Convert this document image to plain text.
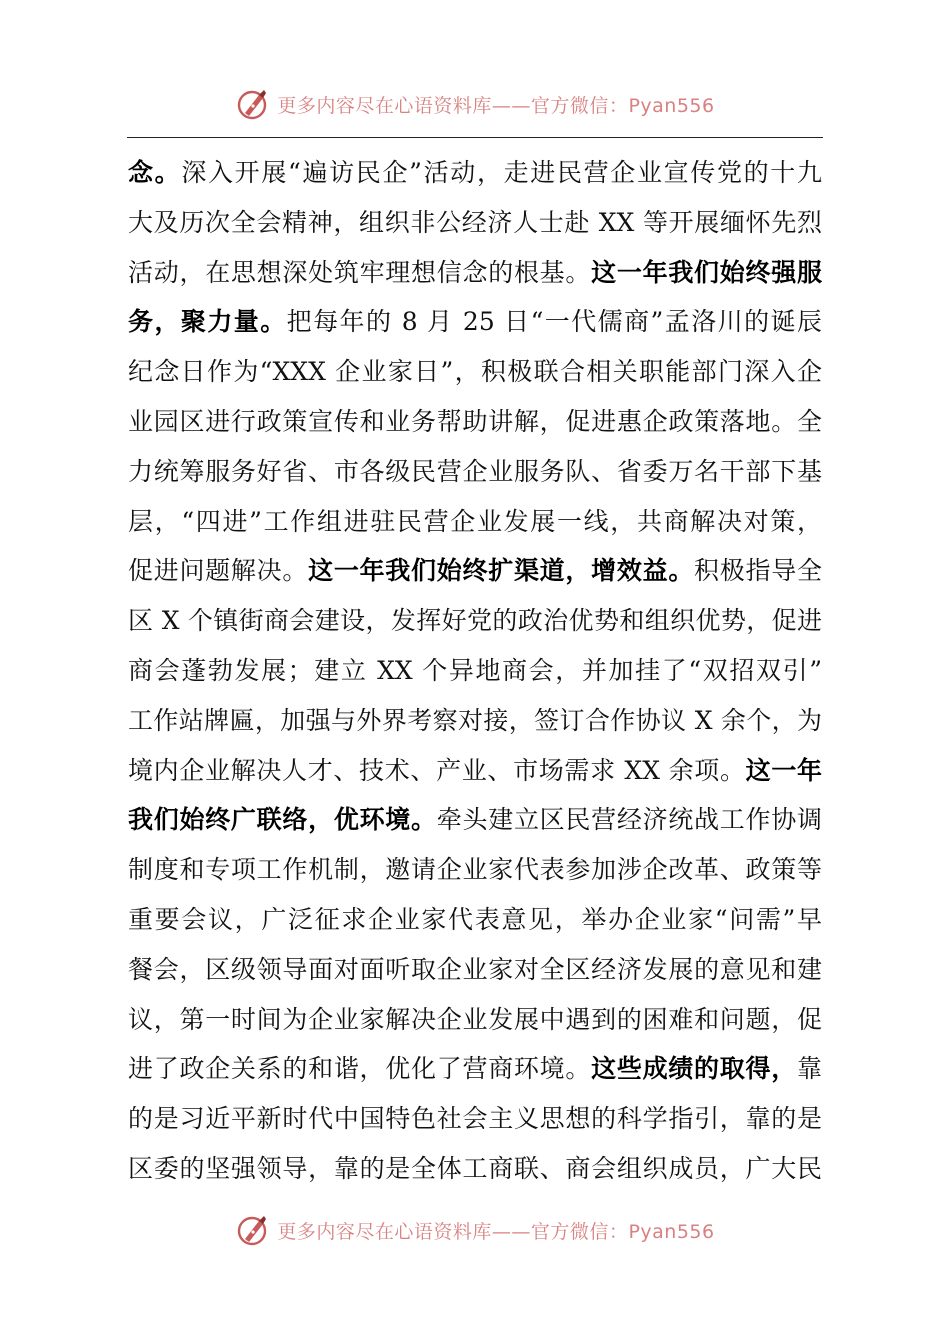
更多内容尽在心语资料库——官方微信：Pyan556
念。深入开展“遍访民企”活动，走进民营企业宣传党的十九
大及历次全会精神，组织非公经济人士赴 XX 等开展缅怀先烈
活动，在思想深处筑牢理想信念的根基。这一年我们始终强服
务，聚力量。把每年的 8 月 25 日“一代儒商”孟洛川的诞辰
纪念日作为“XXX 企业家日”，积极联合相关职能部门深入企
业园区进行政策宣传和业务帮助讲解，促进惠企政策落地。全
力统筹服务好省、市各级民营企业服务队、省委万名干部下基
层，“四进”工作组进驻民营企业发展一线，共商解决对策，
促进问题解决。这一年我们始终扩渠道，增效益。积极指导全
区 X 个镇街商会建设，发挥好党的政治优势和组织优势，促进
商会蓬勃发展；建立 XX 个异地商会，并加挂了“双招双引”
工作站牌匾，加强与外界考察对接，签订合作协议 X 余个，为
境内企业解决人才、技术、产业、市场需求 XX 余项。这一年
我们始终广联络，优环境。牵头建立区民营经济统战工作协调
制度和专项工作机制，邀请企业家代表参加涉企改革、政策等
重要会议，广泛征求企业家代表意见，举办企业家“问需”早
餐会，区级领导面对面听取企业家对全区经济发展的意见和建
议，第一时间为企业家解决企业发展中遇到的困难和问题，促
进了政企关系的和谐，优化了营商环境。这些成绩的取得，靠
的是习近平新时代中国特色社会主义思想的科学指引，靠的是
区委的坚强领导，靠的是全体工商联、商会组织成员，广大民
更多内容尽在心语资料库——官方微信：Pyan556
